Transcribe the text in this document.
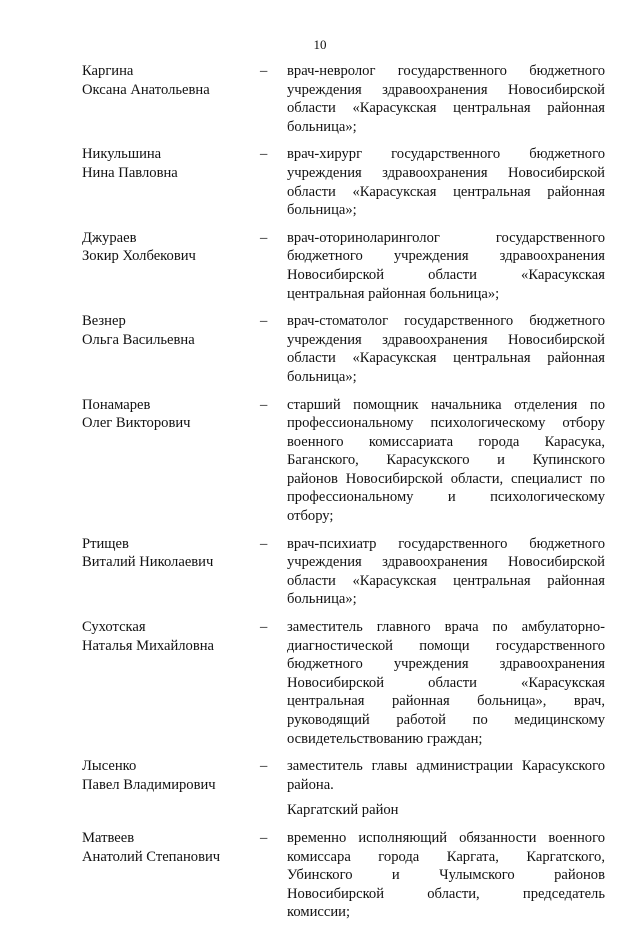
10
Каргина
Оксана Анатольевна
–	врач-невролог государственного бюджетного
учреждения здравоохранения Новосибирской
области «Карасукская центральная районная
больница»;
Никульшина
Нина Павловна
–	врач-хирург государственного бюджетного
учреждения здравоохранения Новосибирской
области «Карасукская центральная районная
больница»;
Джураев
Зокир Холбекович
–	врач-оториноларинголог государственного
бюджетного учреждения здравоохранения
Новосибирской области «Карасукская
центральная районная больница»;
Везнер
Ольга Васильевна
–	врач-стоматолог государственного бюджетного
учреждения здравоохранения Новосибирской
области «Карасукская центральная районная
больница»;
Понамарев
Олег Викторович
–	старший помощник начальника отделения по
профессиональному психологическому отбору
военного комиссариата города Карасука,
Баганского, Карасукского и Купинского
районов Новосибирской области, специалист по
профессиональному и психологическому
отбору;
Ртищев
Виталий Николаевич
–	врач-психиатр государственного бюджетного
учреждения здравоохранения Новосибирской
области «Карасукская центральная районная
больница»;
Сухотская
Наталья Михайловна
–	заместитель главного врача по амбулаторно-
диагностической помощи государственного
бюджетного учреждения здравоохранения
Новосибирской области «Карасукская
центральная районная больница», врач,
руководящий работой по медицинскому
освидетельствованию граждан;
Лысенко
Павел Владимирович
–	заместитель главы администрации Карасукского
района.
Каргатский район
Матвеев
Анатолий Степанович
–	временно исполняющий обязанности военного
комиссара города Каргата, Каргатского,
Убинского и Чулымского районов
Новосибирской области, председатель
комиссии;
